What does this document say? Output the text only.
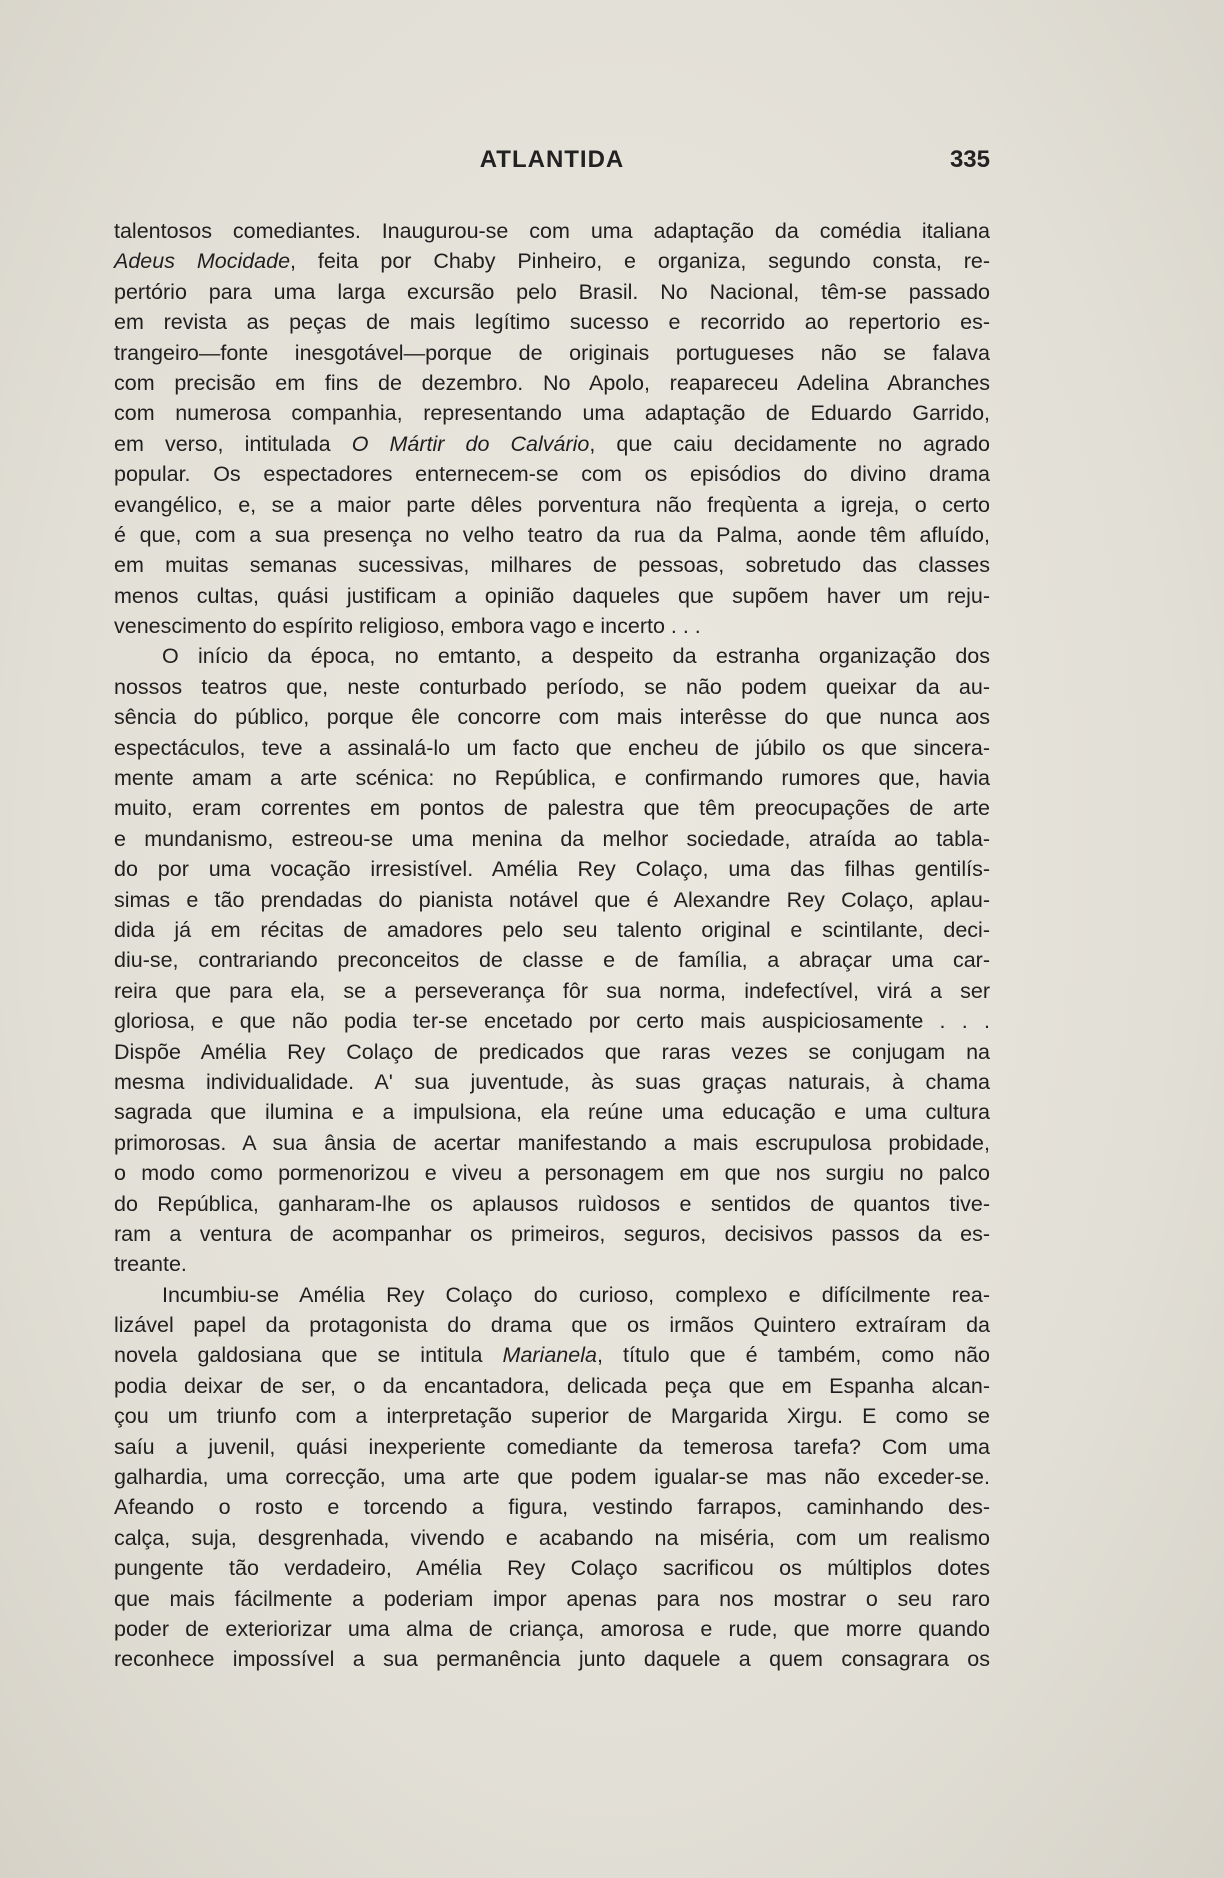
ATLANTIDA	335
talentosos comediantes. Inaugurou-se com uma adaptação da comédia italiana
Adeus Mocidade, feita por Chaby Pinheiro, e organiza, segundo consta, re-
pertório para uma larga excursão pelo Brasil. No Nacional, têm-se passado
em revista as peças de mais legítimo sucesso e recorrido ao repertorio es-
trangeiro—fonte inesgotável—porque de originais portugueses não se falava
com precisão em fins de dezembro. No Apolo, reapareceu Adelina Abranches
com numerosa companhia, representando uma adaptação de Eduardo Garrido,
em verso, intitulada O Mártir do Calvário, que caiu decidamente no agrado
popular. Os espectadores enternecem-se com os episódios do divino drama
evangélico, e, se a maior parte dêles porventura não freqùenta a igreja, o certo
é que, com a sua presença no velho teatro da rua da Palma, aonde têm afluído,
em muitas semanas sucessivas, milhares de pessoas, sobretudo das classes
menos cultas, quási justificam a opinião daqueles que supõem haver um reju-
venescimento do espírito religioso, embora vago e incerto . . .
O início da época, no emtanto, a despeito da estranha organização dos
nossos teatros que, neste conturbado período, se não podem queixar da au-
sência do público, porque êle concorre com mais interêsse do que nunca aos
espectáculos, teve a assinalá-lo um facto que encheu de júbilo os que sincera-
mente amam a arte scénica: no República, e confirmando rumores que, havia
muito, eram correntes em pontos de palestra que têm preocupações de arte
e mundanismo, estreou-se uma menina da melhor sociedade, atraída ao tabla-
do por uma vocação irresistível. Amélia Rey Colaço, uma das filhas gentilís-
simas e tão prendadas do pianista notável que é Alexandre Rey Colaço, aplau-
dida já em récitas de amadores pelo seu talento original e scintilante, deci-
diu-se, contrariando preconceitos de classe e de família, a abraçar uma car-
reira que para ela, se a perseverança fôr sua norma, indefectível, virá a ser
gloriosa, e que não podia ter-se encetado por certo mais auspiciosamente . . .
Dispõe Amélia Rey Colaço de predicados que raras vezes se conjugam na
mesma individualidade. A' sua juventude, às suas graças naturais, à chama
sagrada que ilumina e a impulsiona, ela reúne uma educação e uma cultura
primorosas. A sua ânsia de acertar manifestando a mais escrupulosa probidade,
o modo como pormenorizou e viveu a personagem em que nos surgiu no palco
do República, ganharam-lhe os aplausos ruìdosos e sentidos de quantos tive-
ram a ventura de acompanhar os primeiros, seguros, decisivos passos da es-
treante.
Incumbiu-se Amélia Rey Colaço do curioso, complexo e difícilmente rea-
lizável papel da protagonista do drama que os irmãos Quintero extraíram da
novela galdosiana que se intitula Marianela, título que é também, como não
podia deixar de ser, o da encantadora, delicada peça que em Espanha alcan-
çou um triunfo com a interpretação superior de Margarida Xirgu. E como se
saíu a juvenil, quási inexperiente comediante da temerosa tarefa? Com uma
galhardia, uma correcção, uma arte que podem igualar-se mas não exceder-se.
Afeando o rosto e torcendo a figura, vestindo farrapos, caminhando des-
calça, suja, desgrenhada, vivendo e acabando na miséria, com um realismo
pungente tão verdadeiro, Amélia Rey Colaço sacrificou os múltiplos dotes
que mais fácilmente a poderiam impor apenas para nos mostrar o seu raro
poder de exteriorizar uma alma de criança, amorosa e rude, que morre quando
reconhece impossível a sua permanência junto daquele a quem consagrara os
